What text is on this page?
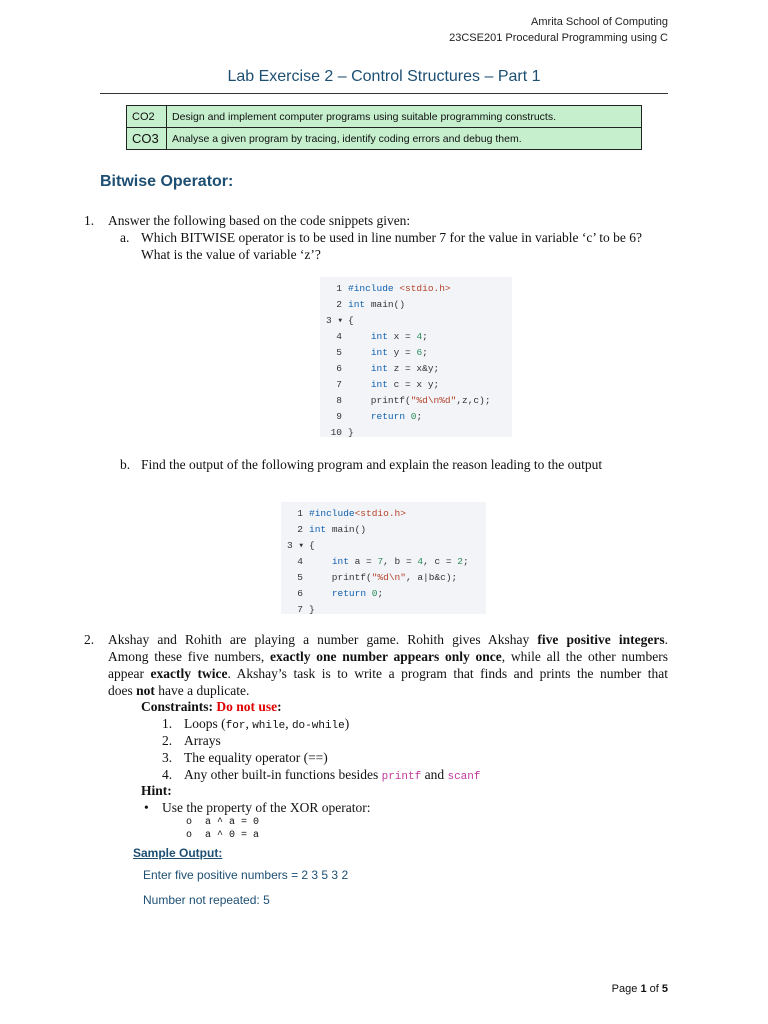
Amrita School of Computing
23CSE201 Procedural Programming using C
Lab Exercise 2 – Control Structures – Part 1
CO2	Design and implement computer programs using suitable programming constructs.
CO3	Analyse a given program by tracing, identify coding errors and debug them.
Bitwise Operator:
1. Answer the following based on the code snippets given:
a. Which BITWISE operator is to be used in line number 7 for the value in variable ‘c’ to be 6?
What is the value of variable ‘z’?
1 #include <stdio.h>
2 int main()
3 ▾ {
4
	int x = 4 ;
5
	int y = 6 ;
6
	int z = x&y;
7
	int c = x y;
8 printf( "%d\n%d" ,z,c);
9
	return 0 ;
10 }
b. Find the output of the following program and explain the reason leading to the output
1 #include <stdio.h>
2 int main()
3 ▾ {
4
	int a = 7 , b = 4 , c = 2 ;
5 printf( "%d\n" , a|b&c);
6
	return 0 ;
7 }
2. Akshay and Rohith are playing a number game. Rohith gives Akshay five positive integers.
Among these five numbers, exactly one number appears only once, while all the other numbers
appear exactly twice. Akshay’s task is to write a program that finds and prints the number that
does not have a duplicate.
Constraints: Do not use:
1. Loops (for, while, do-while)
2. Arrays
3. The equality operator (==)
4. Any other built-in functions besides printf and scanf
Hint:
• Use the property of the XOR operator:
o a ^ a = 0
o a ^ 0 = a
Sample Output:
Enter five positive numbers = 2 3 5 3 2
Number not repeated: 5
Page 1 of 5
